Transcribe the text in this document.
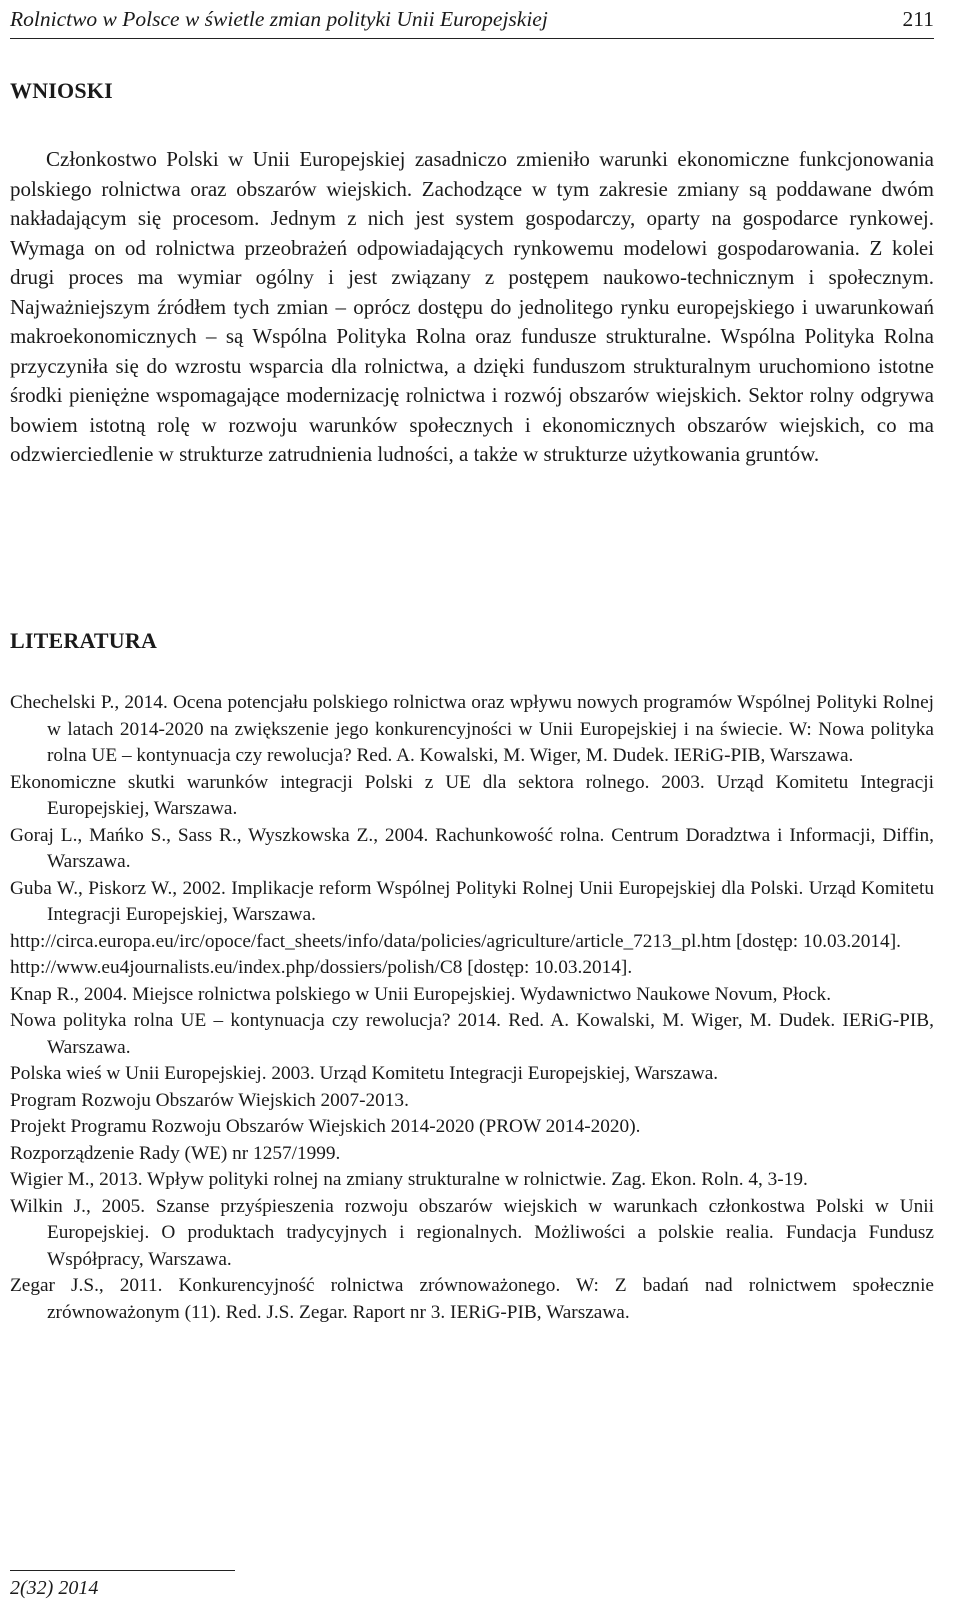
Rolnictwo w Polsce w świetle zmian polityki Unii Europejskiej	211
WNIOSKI

Członkostwo Polski w Unii Europejskiej zasadniczo zmieniło warunki ekonomiczne funkcjonowania polskiego rolnictwa oraz obszarów wiejskich. Zachodzące w tym zakresie zmiany są poddawane dwóm nakładającym się procesom. Jednym z nich jest system gospodarczy, oparty na gospodarce rynkowej. Wymaga on od rolnictwa przeobrażeń odpowiadających rynkowemu modelowi gospodarowania. Z kolei drugi proces ma wymiar ogólny i jest związany z postępem naukowo-technicznym i społecznym. Najważniejszym źródłem tych zmian – oprócz dostępu do jednolitego rynku europejskiego i uwarunkowań makroekonomicznych – są Wspólna Polityka Rolna oraz fundusze strukturalne. Wspólna Polityka Rolna przyczyniła się do wzrostu wsparcia dla rolnictwa, a dzięki funduszom strukturalnym uruchomiono istotne środki pieniężne wspomagające modernizację rolnictwa i rozwój obszarów wiejskich. Sektor rolny odgrywa bowiem istotną rolę w rozwoju warunków społecznych i ekonomicznych obszarów wiejskich, co ma odzwierciedlenie w strukturze zatrudnienia ludności, a także w strukturze użytkowania gruntów.

LITERATURA
Chechelski P., 2014. Ocena potencjału polskiego rolnictwa oraz wpływu nowych programów Wspólnej Polityki Rolnej w latach 2014-2020 na zwiększenie jego konkurencyjności w Unii Europejskiej i na świecie. W: Nowa polityka rolna UE – kontynuacja czy rewolucja? Red. A. Kowalski, M. Wiger, M. Dudek. IERiG-PIB, Warszawa.
Ekonomiczne skutki warunków integracji Polski z UE dla sektora rolnego. 2003. Urząd Komitetu Integracji Europejskiej, Warszawa.
Goraj L., Mańko S., Sass R., Wyszkowska Z., 2004. Rachunkowość rolna. Centrum Doradztwa i Informacji, Diffin, Warszawa.
Guba W., Piskorz W., 2002. Implikacje reform Wspólnej Polityki Rolnej Unii Europejskiej dla Polski. Urząd Komitetu Integracji Europejskiej, Warszawa.
http://circa.europa.eu/irc/opoce/fact_sheets/info/data/policies/agriculture/article_7213_pl.htm [dostęp: 10.03.2014].
http://www.eu4journalists.eu/index.php/dossiers/polish/C8 [dostęp: 10.03.2014].
Knap R., 2004. Miejsce rolnictwa polskiego w Unii Europejskiej. Wydawnictwo Naukowe Novum, Płock.
Nowa polityka rolna UE – kontynuacja czy rewolucja? 2014. Red. A. Kowalski, M. Wiger, M. Dudek. IERiG-PIB, Warszawa.
Polska wieś w Unii Europejskiej. 2003. Urząd Komitetu Integracji Europejskiej, Warszawa.
Program Rozwoju Obszarów Wiejskich 2007-2013.
Projekt Programu Rozwoju Obszarów Wiejskich 2014-2020 (PROW 2014-2020).
Rozporządzenie Rady (WE) nr 1257/1999.
Wigier M., 2013. Wpływ polityki rolnej na zmiany strukturalne w rolnictwie. Zag. Ekon. Roln. 4, 3-19.
Wilkin J., 2005. Szanse przyśpieszenia rozwoju obszarów wiejskich w warunkach członkostwa Polski w Unii Europejskiej. O produktach tradycyjnych i regionalnych. Możliwości a polskie realia. Fundacja Fundusz Współpracy, Warszawa.
Zegar J.S., 2011. Konkurencyjność rolnictwa zrównoważonego. W: Z badań nad rolnictwem społecznie zrównoważonym (11). Red. J.S. Zegar. Raport nr 3. IERiG-PIB, Warszawa.
2(32) 2014
